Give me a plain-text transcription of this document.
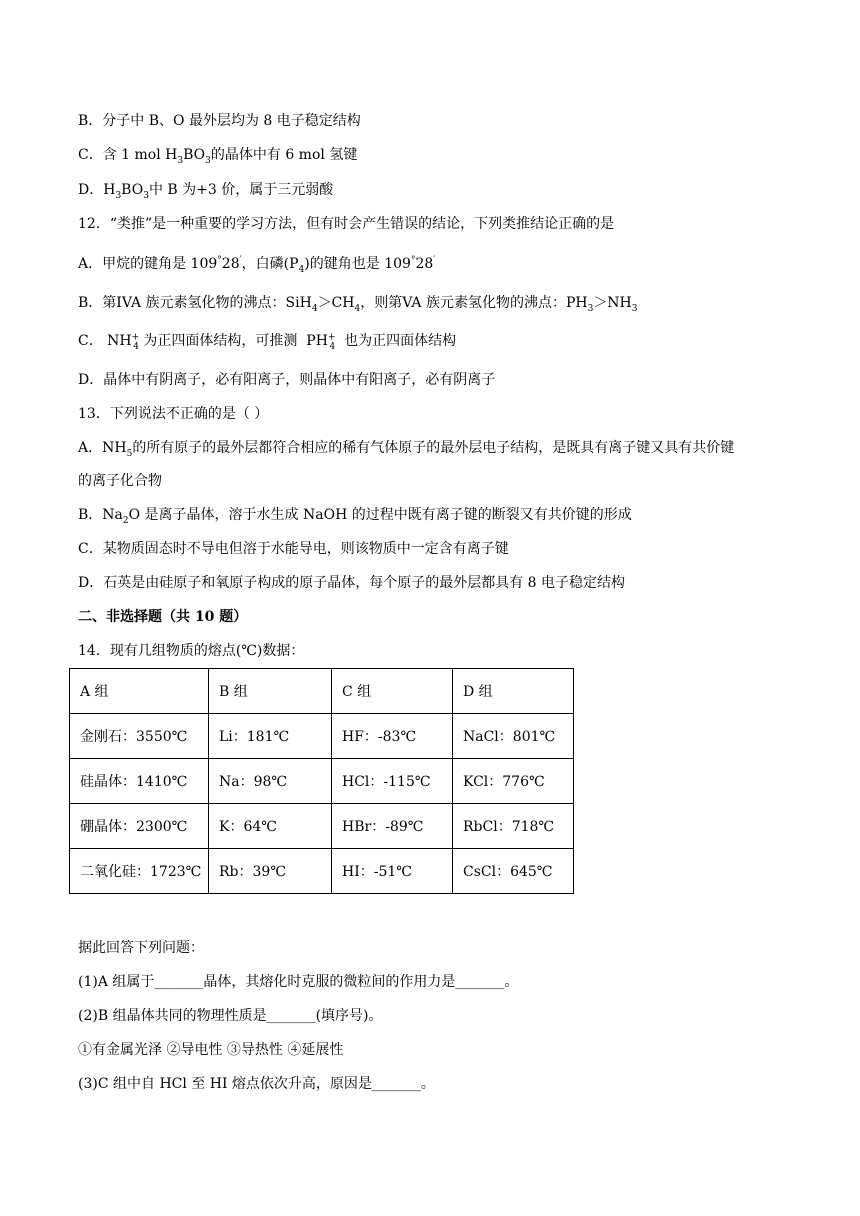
B．分子中 B、O 最外层均为 8 电子稳定结构
C．含 1 mol $H_3BO_3$的晶体中有 6 mol 氢键
D．$H_3BO_3$中 B 为+3 价，属于三元弱酸
12．“类推”是一种重要的学习方法，但有时会产生错误的结论，下列类推结论正确的是
A．甲烷的键角是 109°28′，白磷$(P_4)$的键角也是 109°28′
B．第IVA 族元素氢化物的沸点：$SiH_4>CH_4$，则第VA 族元素氢化物的沸点：$PH_3>NH_3$
C． $NH^+_4$ 为正四面体结构，可推测 $PH^+_4$ 也为正四面体结构
D．晶体中有阴离子，必有阳离子，则晶体中有阳离子，必有阴离子
13．下列说法不正确的是（ ）
A．$NH_5$的所有原子的最外层都符合相应的稀有气体原子的最外层电子结构，是既具有离子键又具有共价键
的离子化合物
B．$Na_2O$ 是离子晶体，溶于水生成 NaOH 的过程中既有离子键的断裂又有共价键的形成
C．某物质固态时不导电但溶于水能导电，则该物质中一定含有离子键
D．石英是由硅原子和氧原子构成的原子晶体，每个原子的最外层都具有 8 电子稳定结构
二、非选择题（共 10 题）
14．现有几组物质的熔点(℃)数据：
A 组	B 组	C 组	D 组
金刚石：3550℃	Li：181℃	HF：-83℃	NaCl：801℃
硅晶体：1410℃	Na：98℃	HCl：-115℃	KCl：776℃
硼晶体：2300℃	K：64℃	HBr：-89℃	RbCl：718℃
二氧化硅：1723℃	Rb：39℃	HI：-51℃	CsCl：645℃
据此回答下列问题：
(1)A 组属于_______晶体，其熔化时克服的微粒间的作用力是_______。
(2)B 组晶体共同的物理性质是_______(填序号)。
①有金属光泽 ②导电性 ③导热性 ④延展性
(3)C 组中自 HCl 至 HI 熔点依次升高，原因是_______。
